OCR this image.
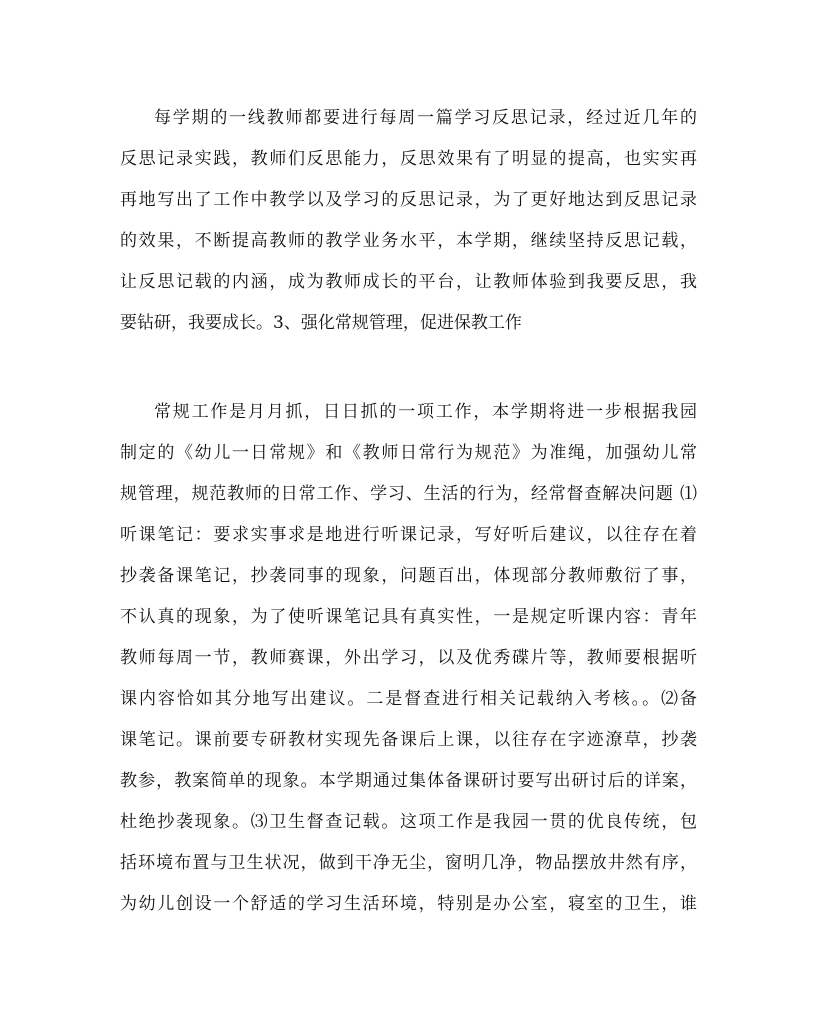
每学期的一线教师都要进行每周一篇学习反思记录，经过近几年的
反思记录实践，教师们反思能力，反思效果有了明显的提高，也实实再
再地写出了工作中教学以及学习的反思记录，为了更好地达到反思记录
的效果，不断提高教师的教学业务水平，本学期，继续坚持反思记载，
让反思记载的内涵，成为教师成长的平台，让教师体验到我要反思，我
要钻研，我要成长。3、强化常规管理，促进保教工作
常规工作是月月抓，日日抓的一项工作，本学期将进一步根据我园
制定的《幼儿一日常规》和《教师日常行为规范》为准绳，加强幼儿常
规管理，规范教师的日常工作、学习、生活的行为，经常督查解决问题 ⑴
听课笔记：要求实事求是地进行听课记录，写好听后建议，以往存在着
抄袭备课笔记，抄袭同事的现象，问题百出，体现部分教师敷衍了事，
不认真的现象，为了使听课笔记具有真实性，一是规定听课内容：青年
教师每周一节，教师赛课，外出学习，以及优秀碟片等，教师要根据听
课内容恰如其分地写出建议。二是督查进行相关记载纳入考核。。⑵备
课笔记。课前要专研教材实现先备课后上课，以往存在字迹潦草，抄袭
教参，教案简单的现象。本学期通过集体备课研讨要写出研讨后的详案，
杜绝抄袭现象。⑶卫生督查记载。这项工作是我园一贯的优良传统，包
括环境布置与卫生状况，做到干净无尘，窗明几净，物品摆放井然有序，
为幼儿创设一个舒适的学习生活环境，特别是办公室，寝室的卫生，谁
